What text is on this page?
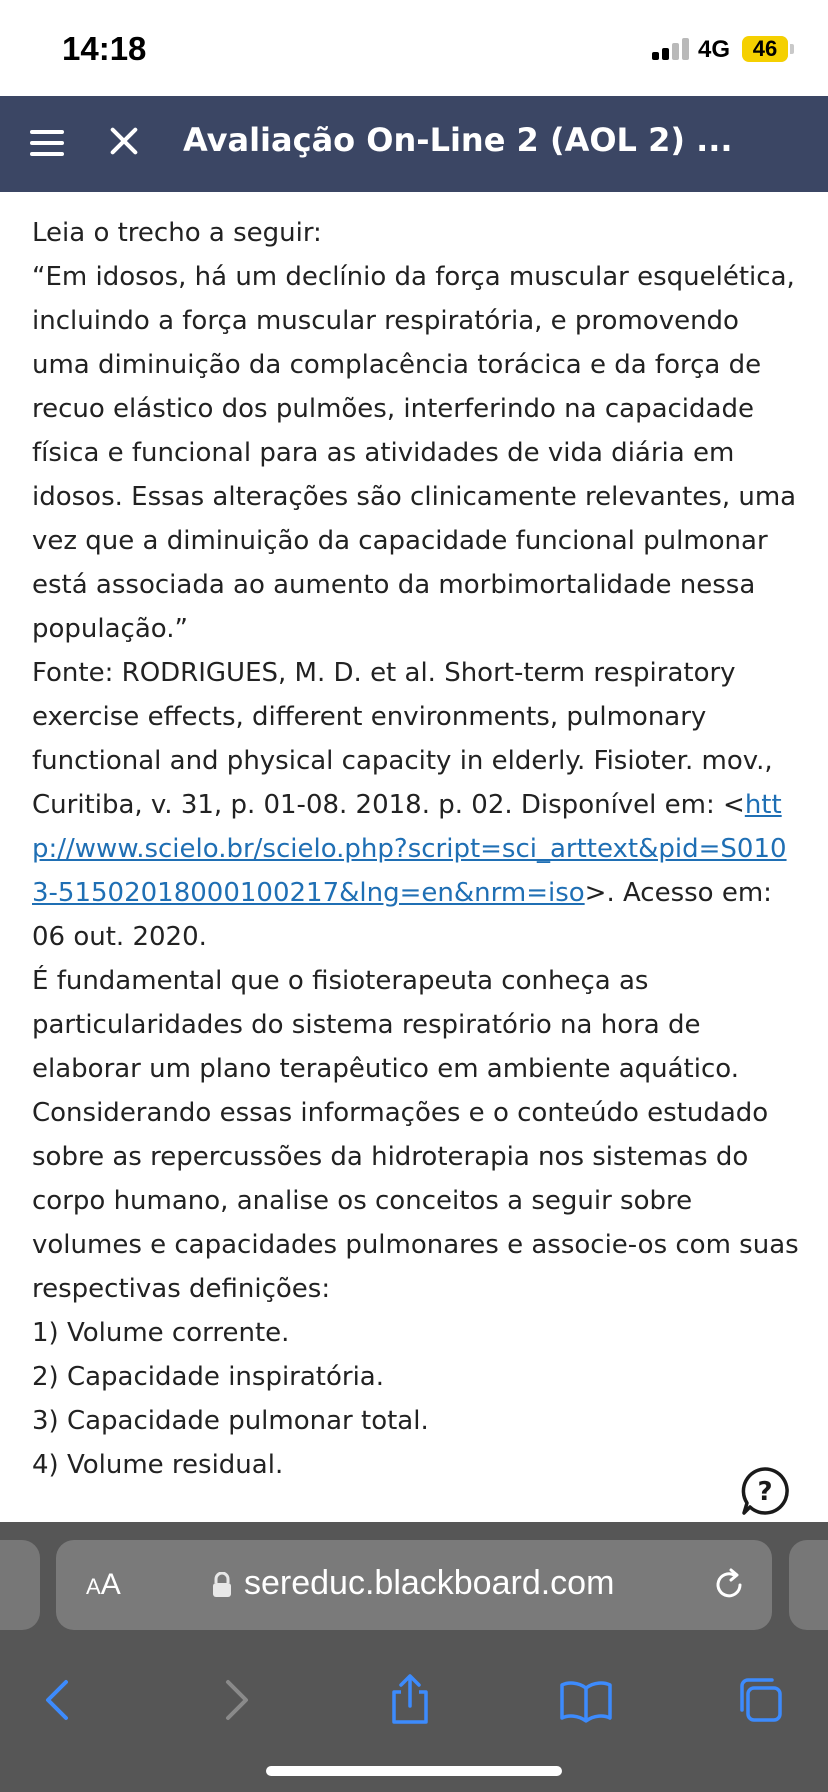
14:18	4G	46
Avaliação On-Line 2 (AOL 2) ...

Leia o trecho a seguir:

“Em idosos, há um declínio da força muscular esquelética, incluindo a força muscular respiratória, e promovendo uma diminuição da complacência torácica e da força de recuo elástico dos pulmões, interferindo na capacidade física e funcional para as atividades de vida diária em idosos. Essas alterações são clinicamente relevantes, uma vez que a diminuição da capacidade funcional pulmonar está associada ao aumento da morbimortalidade nessa população.”

Fonte: RODRIGUES, M. D. et al. Short-term respiratory exercise effects, different environments, pulmonary functional and physical capacity in elderly. Fisioter. mov., Curitiba, v. 31, p. 01-08. 2018. p. 02. Disponível em: <http://www.scielo.br/scielo.php?script=sci_arttext&pid=S0103-51502018000100217&lng=en&nrm=iso>. Acesso em: 06 out. 2020.

É fundamental que o fisioterapeuta conheça as particularidades do sistema respiratório na hora de elaborar um plano terapêutico em ambiente aquático. Considerando essas informações e o conteúdo estudado sobre as repercussões da hidroterapia nos sistemas do corpo humano, analise os conceitos a seguir sobre volumes e capacidades pulmonares e associe-os com suas respectivas definições:

1) Volume corrente.

2) Capacidade inspiratória.

3) Capacidade pulmonar total.

4) Volume residual.

?
AA	sereduc.blackboard.com
